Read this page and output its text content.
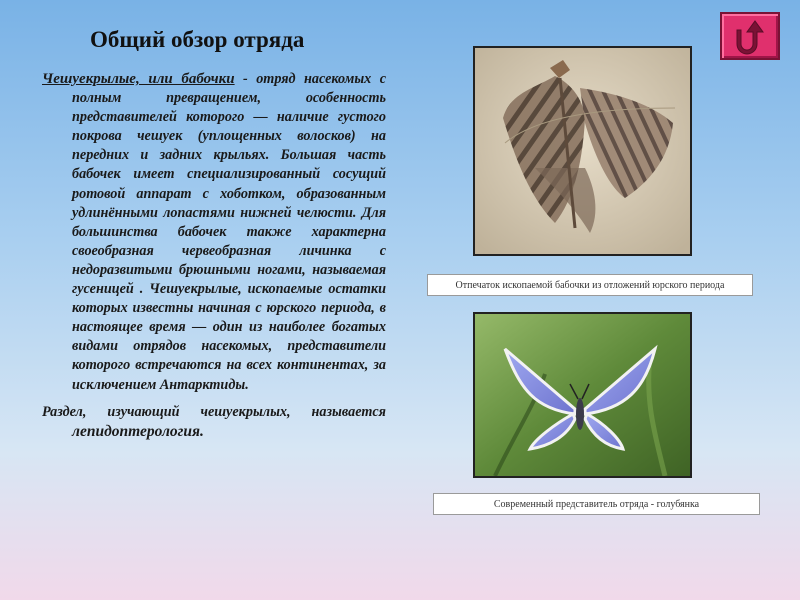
Общий обзор отряда

Чешуекрылые, или бабочки - отряд насекомых с полным превращением, особенность представителей которого — наличие густого покрова чешуек (уплощенных волосков) на передних и задних крыльях. Большая часть бабочек имеет специализированный сосущий ротовой аппарат с хоботком, образованным удлинёнными лопастями нижней челюсти. Для большинства бабочек также характерна своеобразная червеобразная личинка с недоразвитыми брюшными ногами, называемая гусеницей . Чешуекрылые, ископаемые остатки которых известны начиная с юрского периода, в настоящее время — один из наиболее богатых видами отрядов насекомых, представители которого встречаются на всех континентах, за исключением Антарктиды.

Раздел, изучающий чешуекрылых, называется лепидоптерология.

Отпечаток ископаемой бабочки из отложений юрского периода
Современный представитель отряда - голубянка
